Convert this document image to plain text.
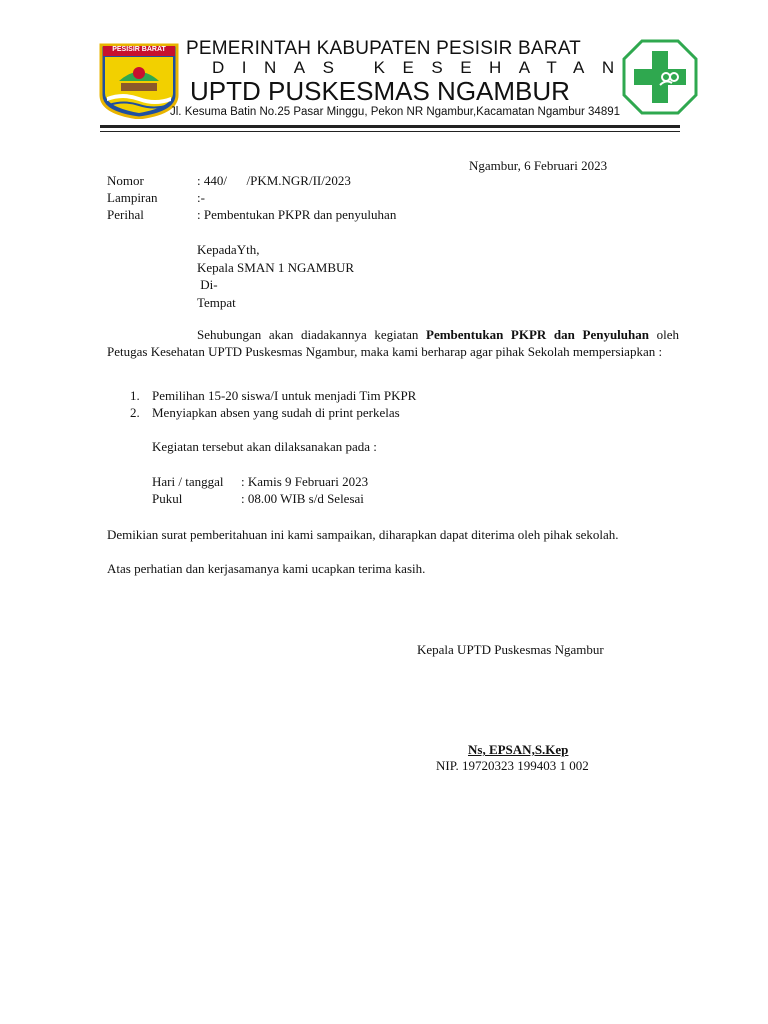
PESISIR BARAT	PEMERINTAH KABUPATEN PESISIR BARAT
DINAS KESEHATAN
UPTD PUSKESMAS NGAMBUR
Jl. Kesuma Batin No.25 Pasar Minggu, Pekon NR Ngambur,Kacamatan Ngambur 34891
Ngambur, 6 Februari 2023
Nomor	: 440/      /PKM.NGR/II/2023
Lampiran	:-
Perihal	: Pembentukan PKPR dan penyuluhan
KepadaYth,
Kepala SMAN 1 NGAMBUR
Di-
Tempat
Sehubungan akan diadakannya kegiatan Pembentukan PKPR dan Penyuluhan oleh Petugas Kesehatan UPTD Puskesmas Ngambur, maka kami berharap agar pihak Sekolah mempersiapkan :
1. Pemilihan 15-20 siswa/I untuk menjadi Tim PKPR
2. Menyiapkan absen yang sudah di print perkelas
Kegiatan tersebut akan dilaksanakan pada :
Hari / tanggal : Kamis 9 Februari 2023
Pukul	: 08.00 WIB s/d Selesai
Demikian surat pemberitahuan ini kami sampaikan, diharapkan dapat diterima oleh pihak sekolah.
Atas perhatian dan kerjasamanya kami ucapkan terima kasih.
Kepala UPTD Puskesmas Ngambur
Ns, EPSAN,S.Kep
NIP. 19720323 199403 1 002
